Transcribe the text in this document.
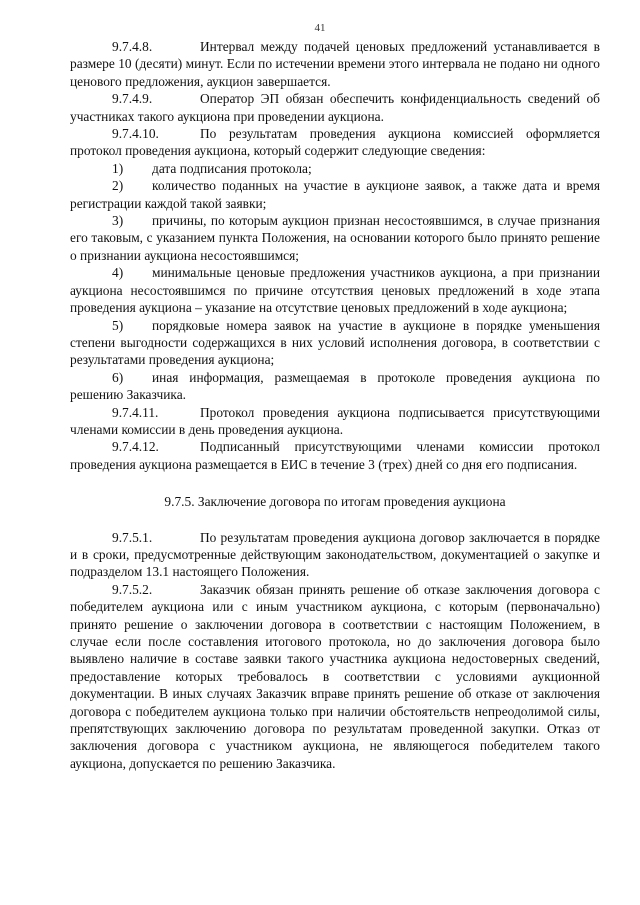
41

9.7.4.8.	Интервал между подачей ценовых предложений устанавливается в размере 10 (десяти) минут. Если по истечении времени этого интервала не подано ни одного ценового предложения, аукцион завершается.

9.7.4.9.	Оператор ЭП обязан обеспечить конфиденциальность сведений об участниках такого аукциона при проведении аукциона.

9.7.4.10.	По результатам проведения аукциона комиссией оформляется протокол проведения аукциона, который содержит следующие сведения:

1) дата подписания протокола;

2) количество поданных на участие в аукционе заявок, а также дата и время регистрации каждой такой заявки;

3) причины, по которым аукцион признан несостоявшимся, в случае признания его таковым, с указанием пункта Положения, на основании которого было принято решение о признании аукциона несостоявшимся;

4) минимальные ценовые предложения участников аукциона, а при признании аукциона несостоявшимся по причине отсутствия ценовых предложений в ходе этапа проведения аукциона – указание на отсутствие ценовых предложений в ходе аукциона;

5) порядковые номера заявок на участие в аукционе в порядке уменьшения степени выгодности содержащихся в них условий исполнения договора, в соответствии с результатами проведения аукциона;

6) иная информация, размещаемая в протоколе проведения аукциона по решению Заказчика.

9.7.4.11.	Протокол проведения аукциона подписывается присутствующими членами комиссии в день проведения аукциона.

9.7.4.12.	Подписанный присутствующими членами комиссии протокол проведения аукциона размещается в ЕИС в течение 3 (трех) дней со дня его подписания.

9.7.5. Заключение договора по итогам проведения аукциона

9.7.5.1.	По результатам проведения аукциона договор заключается в порядке и в сроки, предусмотренные действующим законодательством, документацией о закупке и подразделом 13.1 настоящего Положения.

9.7.5.2.	Заказчик обязан принять решение об отказе заключения договора с победителем аукциона или с иным участником аукциона, с которым (первоначально) принято решение о заключении договора в соответствии с настоящим Положением, в случае если после составления итогового протокола, но до заключения договора было выявлено наличие в составе заявки такого участника аукциона недостоверных сведений, предоставление которых требовалось в соответствии с условиями аукционной документации. В иных случаях Заказчик вправе принять решение об отказе от заключения договора с победителем аукциона только при наличии обстоятельств непреодолимой силы, препятствующих заключению договора по результатам проведенной закупки. Отказ от заключения договора с участником аукциона, не являющегося победителем такого аукциона, допускается по решению Заказчика.
